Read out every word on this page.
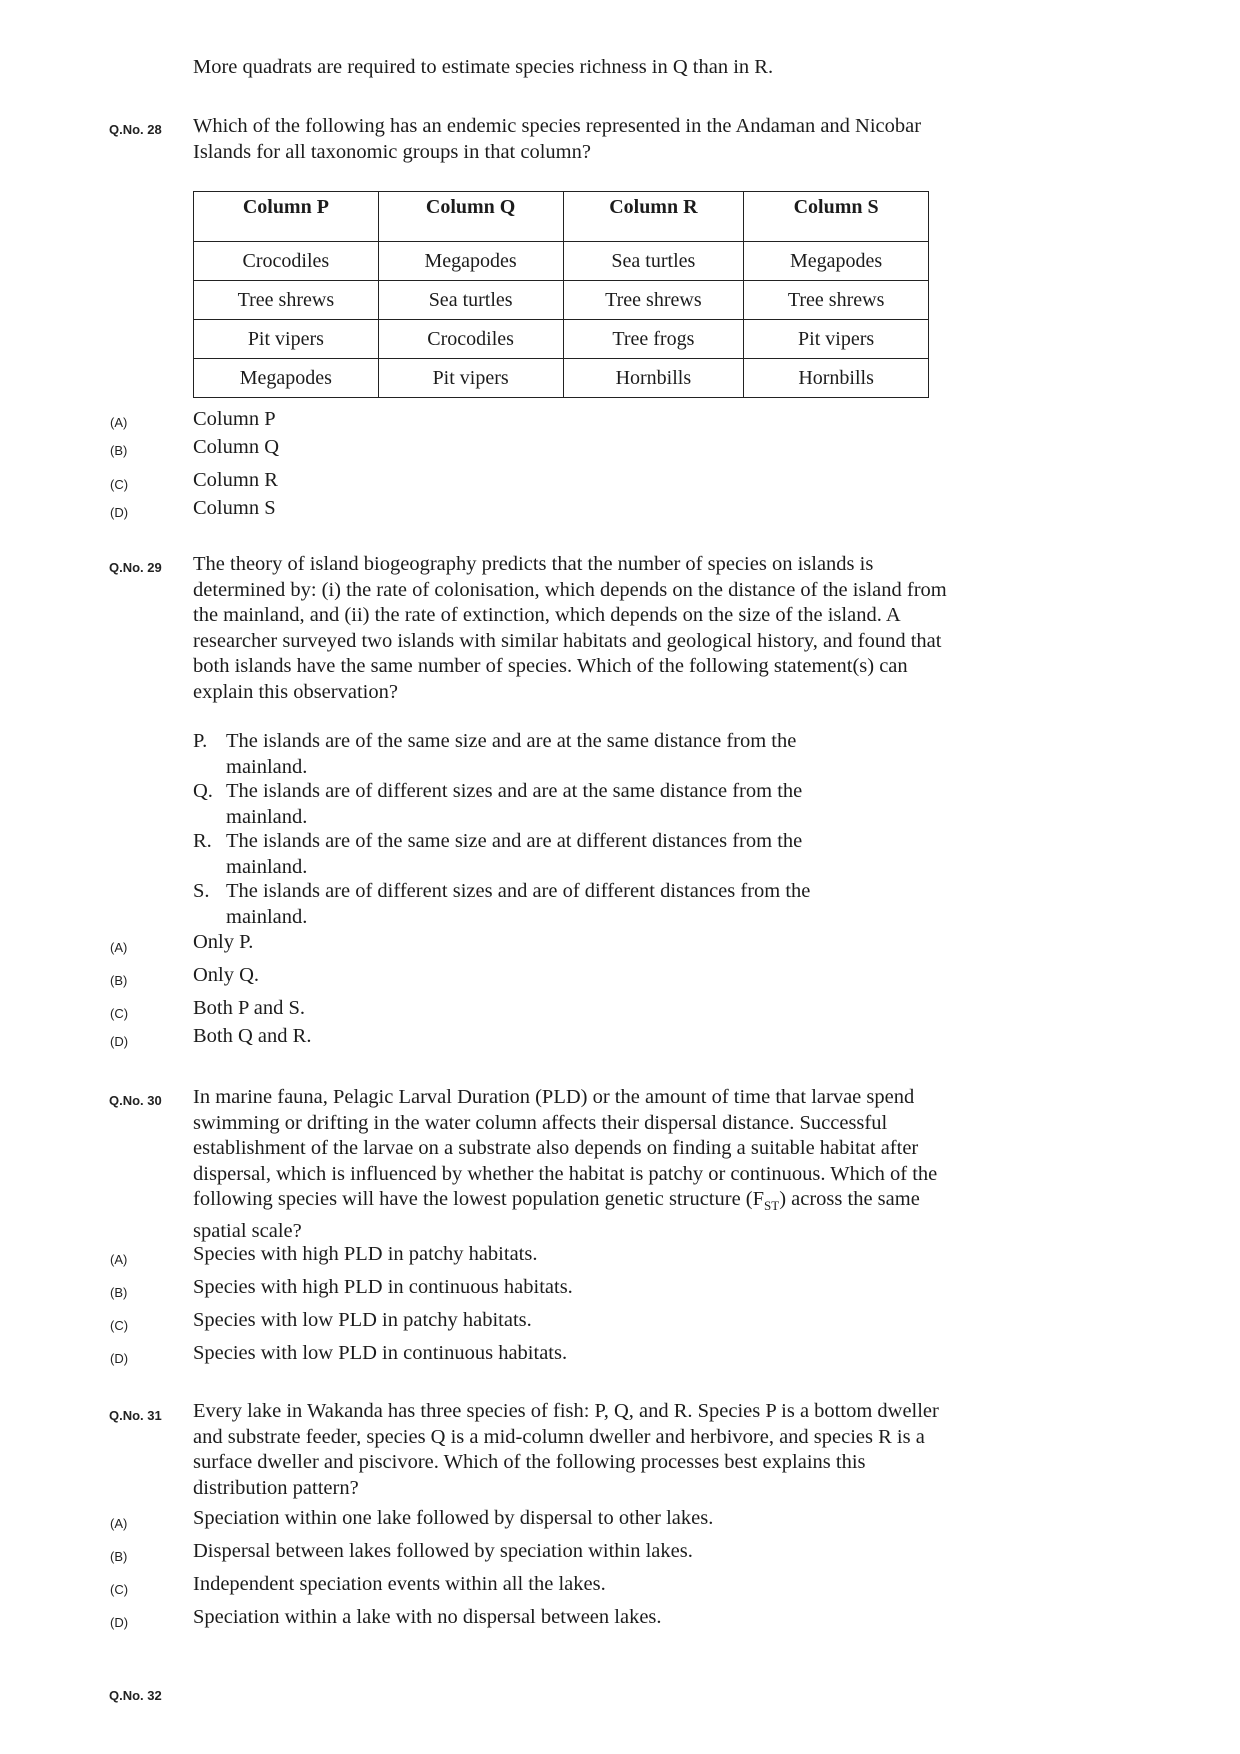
More quadrats are required to estimate species richness in Q than in R.
Q.No. 28 Which of the following has an endemic species represented in the Andaman and Nicobar Islands for all taxonomic groups in that column?
Column P	Column Q	Column R	Column S
Crocodiles	Megapodes	Sea turtles	Megapodes
Tree shrews	Sea turtles	Tree shrews	Tree shrews
Pit vipers	Crocodiles	Tree frogs	Pit vipers
Megapodes	Pit vipers	Hornbills	Hornbills
(A)	Column P
(B)	Column Q
(C)	Column R
(D)	Column S
Q.No. 29 The theory of island biogeography predicts that the number of species on islands is determined by: (i) the rate of colonisation, which depends on the distance of the island from the mainland, and (ii) the rate of extinction, which depends on the size of the island. A researcher surveyed two islands with similar habitats and geological history, and found that both islands have the same number of species. Which of the following statement(s) can explain this observation?
P. The islands are of the same size and are at the same distance from the
mainland.
Q. The islands are of different sizes and are at the same distance from the
mainland.
R. The islands are of the same size and are at different distances from the
mainland.
S. The islands are of different sizes and are of different distances from the
mainland.
(A)	Only P.
(B)	Only Q.
(C)	Both P and S.
(D)	Both Q and R.
Q.No. 30 In marine fauna, Pelagic Larval Duration (PLD) or the amount of time that larvae spend swimming or drifting in the water column affects their dispersal distance. Successful establishment of the larvae on a substrate also depends on finding a suitable habitat after dispersal, which is influenced by whether the habitat is patchy or continuous. Which of the following species will have the lowest population genetic structure $(F_{ST})$ across the same spatial scale?
(A)	Species with high PLD in patchy habitats.
(B)	Species with high PLD in continuous habitats.
(C)	Species with low PLD in patchy habitats.
(D)	Species with low PLD in continuous habitats.
Q.No. 31 Every lake in Wakanda has three species of fish: P, Q, and R. Species P is a bottom dweller and substrate feeder, species Q is a mid-column dweller and herbivore, and species R is a surface dweller and piscivore. Which of the following processes best explains this distribution pattern?
(A)	Speciation within one lake followed by dispersal to other lakes.
(B)	Dispersal between lakes followed by speciation within lakes.
(C)	Independent speciation events within all the lakes.
(D)	Speciation within a lake with no dispersal between lakes.
Q.No. 32
